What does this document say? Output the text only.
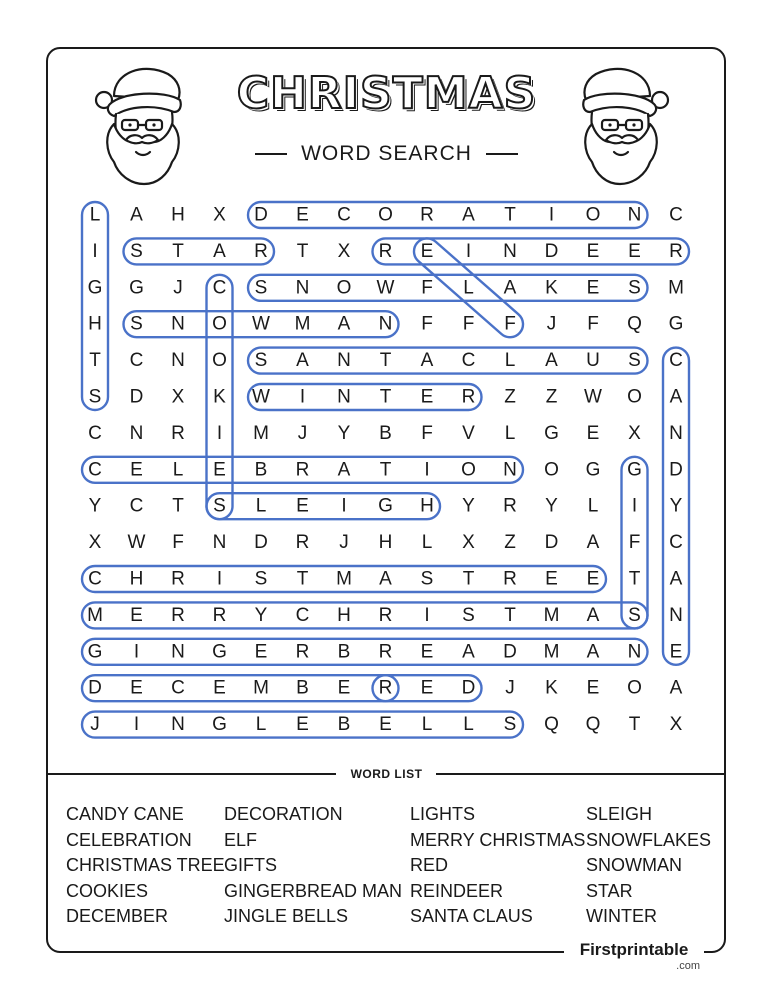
CHRISTMAS
WORD SEARCH
L A H X D E C O R A T I O N C
I S T A R T X R E I N D E E R
G G J C S N O W F L A K E S M
H S N O W M A N F F F J F Q G
T C N O S A N T A C L A U S C
S D X K W I N T E R Z Z W O A
C N R I M J Y B F V L G E X N
C E L E B R A T I O N O G G D
Y C T S L E I G H Y R Y L I Y
X W F N D R J H L X Z D A F C
C H R I S T M A S T R E E T A
M E R R Y C H R I S T M A S N
G I N G E R B R E A D M A N E
D E C E M B E R E D J K E O A
J I N G L E B E L L S Q Q T X
WORD LIST
CANDY CANE
CELEBRATION
CHRISTMAS TREE
COOKIES
DECEMBER
DECORATION
ELF
GIFTS
GINGERBREAD MAN
JINGLE BELLS
LIGHTS
MERRY CHRISTMAS
RED
REINDEER
SANTA CLAUS
SLEIGH
SNOWFLAKES
SNOWMAN
STAR
WINTER
Firstprintable
.com
